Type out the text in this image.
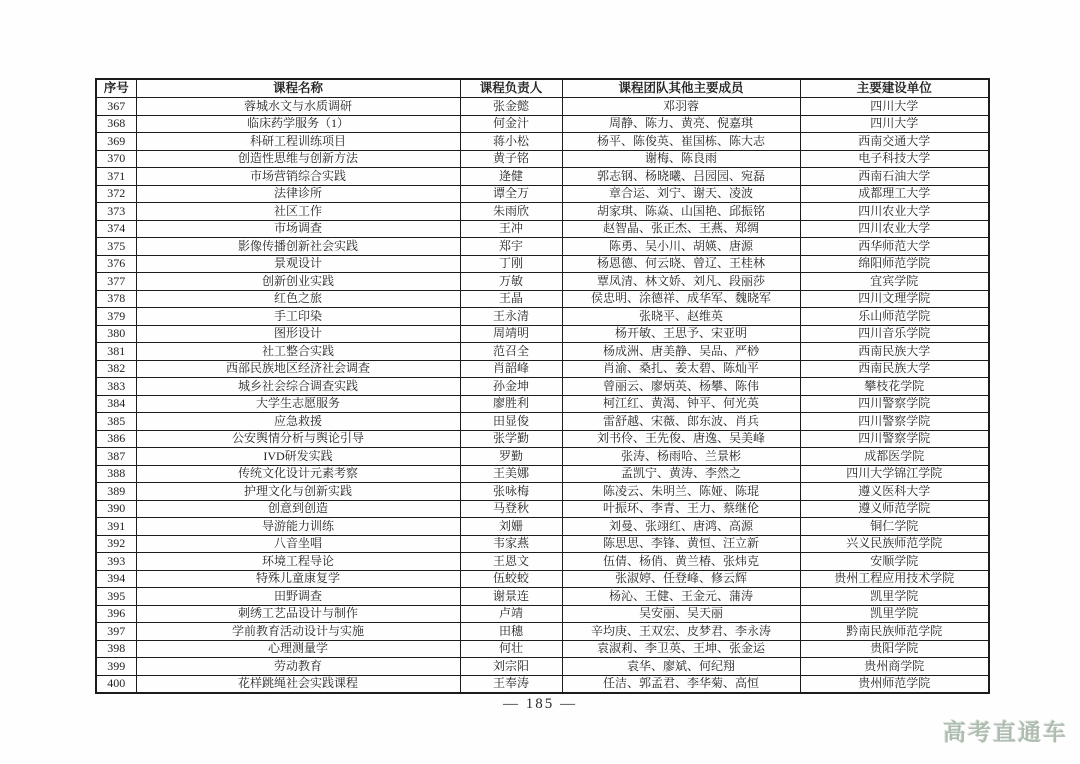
序号	课程名称	课程负责人	课程团队其他主要成员	主要建设单位
367	蓉城水文与水质调研	张金懿	邓羽蓉	四川大学
368	临床药学服务（1）	何金汁	周静、陈力、黄亮、倪嘉琪	四川大学
369	科研工程训练项目	蒋小松	杨平、陈俊英、崔国栋、陈大志	西南交通大学
370	创造性思维与创新方法	黄子铭	谢梅、陈良雨	电子科技大学
371	市场营销综合实践	逄健	郭志钢、杨晓曦、吕园园、宛磊	西南石油大学
372	法律诊所	谭全万	章合运、刘宁、谢天、凌波	成都理工大学
373	社区工作	朱雨欣	胡家琪、陈焱、山国艳、邱振铭	四川农业大学
374	市场调查	王冲	赵智晶、张正杰、王燕、郑绸	四川农业大学
375	影像传播创新社会实践	郑宇	陈勇、吴小川、胡媖、唐源	西华师范大学
376	景观设计	丁刚	杨恩德、何云晓、曾辽、王桂林	绵阳师范学院
377	创新创业实践	万敏	覃凤清、林文娇、刘凡、段丽莎	宜宾学院
378	红色之旅	王晶	侯忠明、涂德祥、成华军、魏晓军	四川文理学院
379	手工印染	王永清	张晓平、赵维英	乐山师范学院
380	图形设计	周靖明	杨开敏、王思予、宋亚明	四川音乐学院
381	社工整合实践	范召全	杨成洲、唐美静、吴品、严桫	西南民族大学
382	西部民族地区经济社会调查	肖韶峰	肖渝、桑扎、姜太碧、陈灿平	西南民族大学
383	城乡社会综合调查实践	孙金坤	曾丽云、廖炳英、杨攀、陈伟	攀枝花学院
384	大学生志愿服务	廖胜利	柯江红、黄渴、钟平、何光英	四川警察学院
385	应急救援	田显俊	雷舒越、宋薇、郎东波、肖兵	四川警察学院
386	公安舆情分析与舆论引导	张学勤	刘书伶、王先俊、唐逸、吴美峰	四川警察学院
387	IVD研发实践	罗勤	张涛、杨雨哈、兰景彬	成都医学院
388	传统文化设计元素考察	王美娜	孟凯宁、黄涛、李然之	四川大学锦江学院
389	护理文化与创新实践	张咏梅	陈凌云、朱明兰、陈娅、陈琨	遵义医科大学
390	创意到创造	马登秋	叶振环、李青、王力、蔡继伦	遵义师范学院
391	导游能力训练	刘姗	刘曼、张翊红、唐鸿、高源	铜仁学院
392	八音坐唱	韦家燕	陈思思、李锋、黄恒、汪立新	兴义民族师范学院
393	环境工程导论	王恩文	伍倩、杨俏、黄兰椿、张炜克	安顺学院
394	特殊儿童康复学	伍蛟蛟	张淑婷、任登峰、修云辉	贵州工程应用技术学院
395	田野调查	谢景连	杨沁、王健、王金元、蒲涛	凯里学院
396	刺绣工艺品设计与制作	卢靖	吴安丽、吴天丽	凯里学院
397	学前教育活动设计与实施	田穗	辛均庚、王双宏、皮梦君、李永涛	黔南民族师范学院
398	心理测量学	何壮	袁淑莉、李卫英、王坤、张金运	贵阳学院
399	劳动教育	刘宗阳	袁华、廖斌、何纪翔	贵州商学院
400	花样跳绳社会实践课程	王奉涛	任洁、郭孟君、李华菊、高恒	贵州师范学院
— 185 —
高考直通车
